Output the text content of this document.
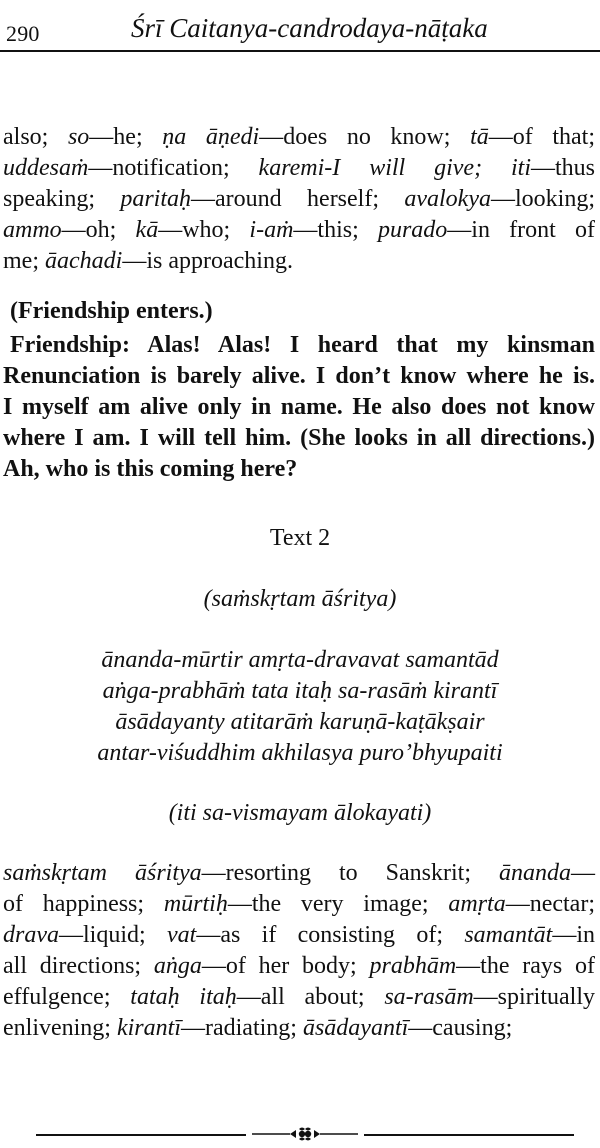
290	Śrī Caitanya-candrodaya-nāṭaka
also; so—he; ṇa āṇedi—does no know; tā—of that;
uddesaṁ—notification; karemi-I will give; iti—thus
speaking; paritaḥ—around herself; avalokya—looking;
ammo—oh; kā—who; i-aṁ—this; purado—in front of
me; āachadi—is approaching.
(Friendship enters.)
Friendship: Alas! Alas! I heard that my kinsman
Renunciation is barely alive. I don’t know where he is.
I myself am alive only in name. He also does not know
where I am. I will tell him. (She looks in all directions.)
Ah, who is this coming here?
Text 2
(saṁskṛtam āśritya)
ānanda-mūrtir amṛta-dravavat samantād
aṅga-prabhāṁ tata itaḥ sa-rasāṁ kirantī
āsādayanty atitarāṁ karuṇā-kaṭākṣair
antar-viśuddhim akhilasya puro’bhyupaiti
(iti sa-vismayam ālokayati)
saṁskṛtam āśritya—resorting to Sanskrit; ānanda—
of happiness; mūrtiḥ—the very image; amṛta—nectar;
drava—liquid; vat—as if consisting of; samantāt—in
all directions; aṅga—of her body; prabhām—the rays of
effulgence; tataḥ itaḥ—all about; sa-rasām—spiritually
enlivening; kirantī—radiating; āsādayantī—causing;
